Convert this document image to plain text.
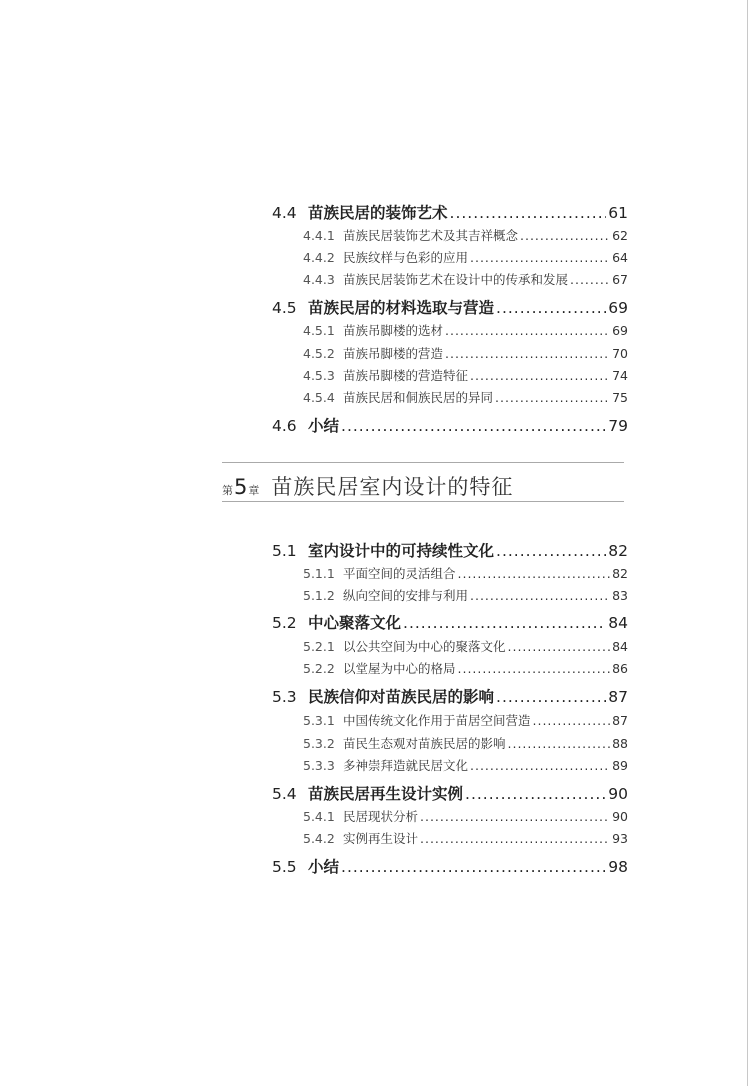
4.4 苗族民居的装饰艺术 .....	61
4.4.1 苗族民居装饰艺术及其吉祥概念 .....	62
4.4.2 民族纹样与色彩的应用 .....	64
4.4.3 苗族民居装饰艺术在设计中的传承和发展 .....	67
4.5 苗族民居的材料选取与营造 .....	69
4.5.1 苗族吊脚楼的选材 .....	69
4.5.2 苗族吊脚楼的营造 .....	70
4.5.3 苗族吊脚楼的营造特征 .....	74
4.5.4 苗族民居和侗族民居的异同 .....	75
4.6 小结 .....	79
第 5 章 苗族民居室内设计的特征
5.1 室内设计中的可持续性文化 .....	82
5.1.1 平面空间的灵活组合 .....	82
5.1.2 纵向空间的安排与利用 .....	83
5.2 中心聚落文化 .....	84
5.2.1 以公共空间为中心的聚落文化 .....	84
5.2.2 以堂屋为中心的格局 .....	86
5.3 民族信仰对苗族民居的影响 .....	87
5.3.1 中国传统文化作用于苗居空间营造 .....	87
5.3.2 苗民生态观对苗族民居的影响 .....	88
5.3.3 多神崇拜造就民居文化 .....	89
5.4 苗族民居再生设计实例 .....	90
5.4.1 民居现状分析 .....	90
5.4.2 实例再生设计 .....	93
5.5 小结 .....	98
